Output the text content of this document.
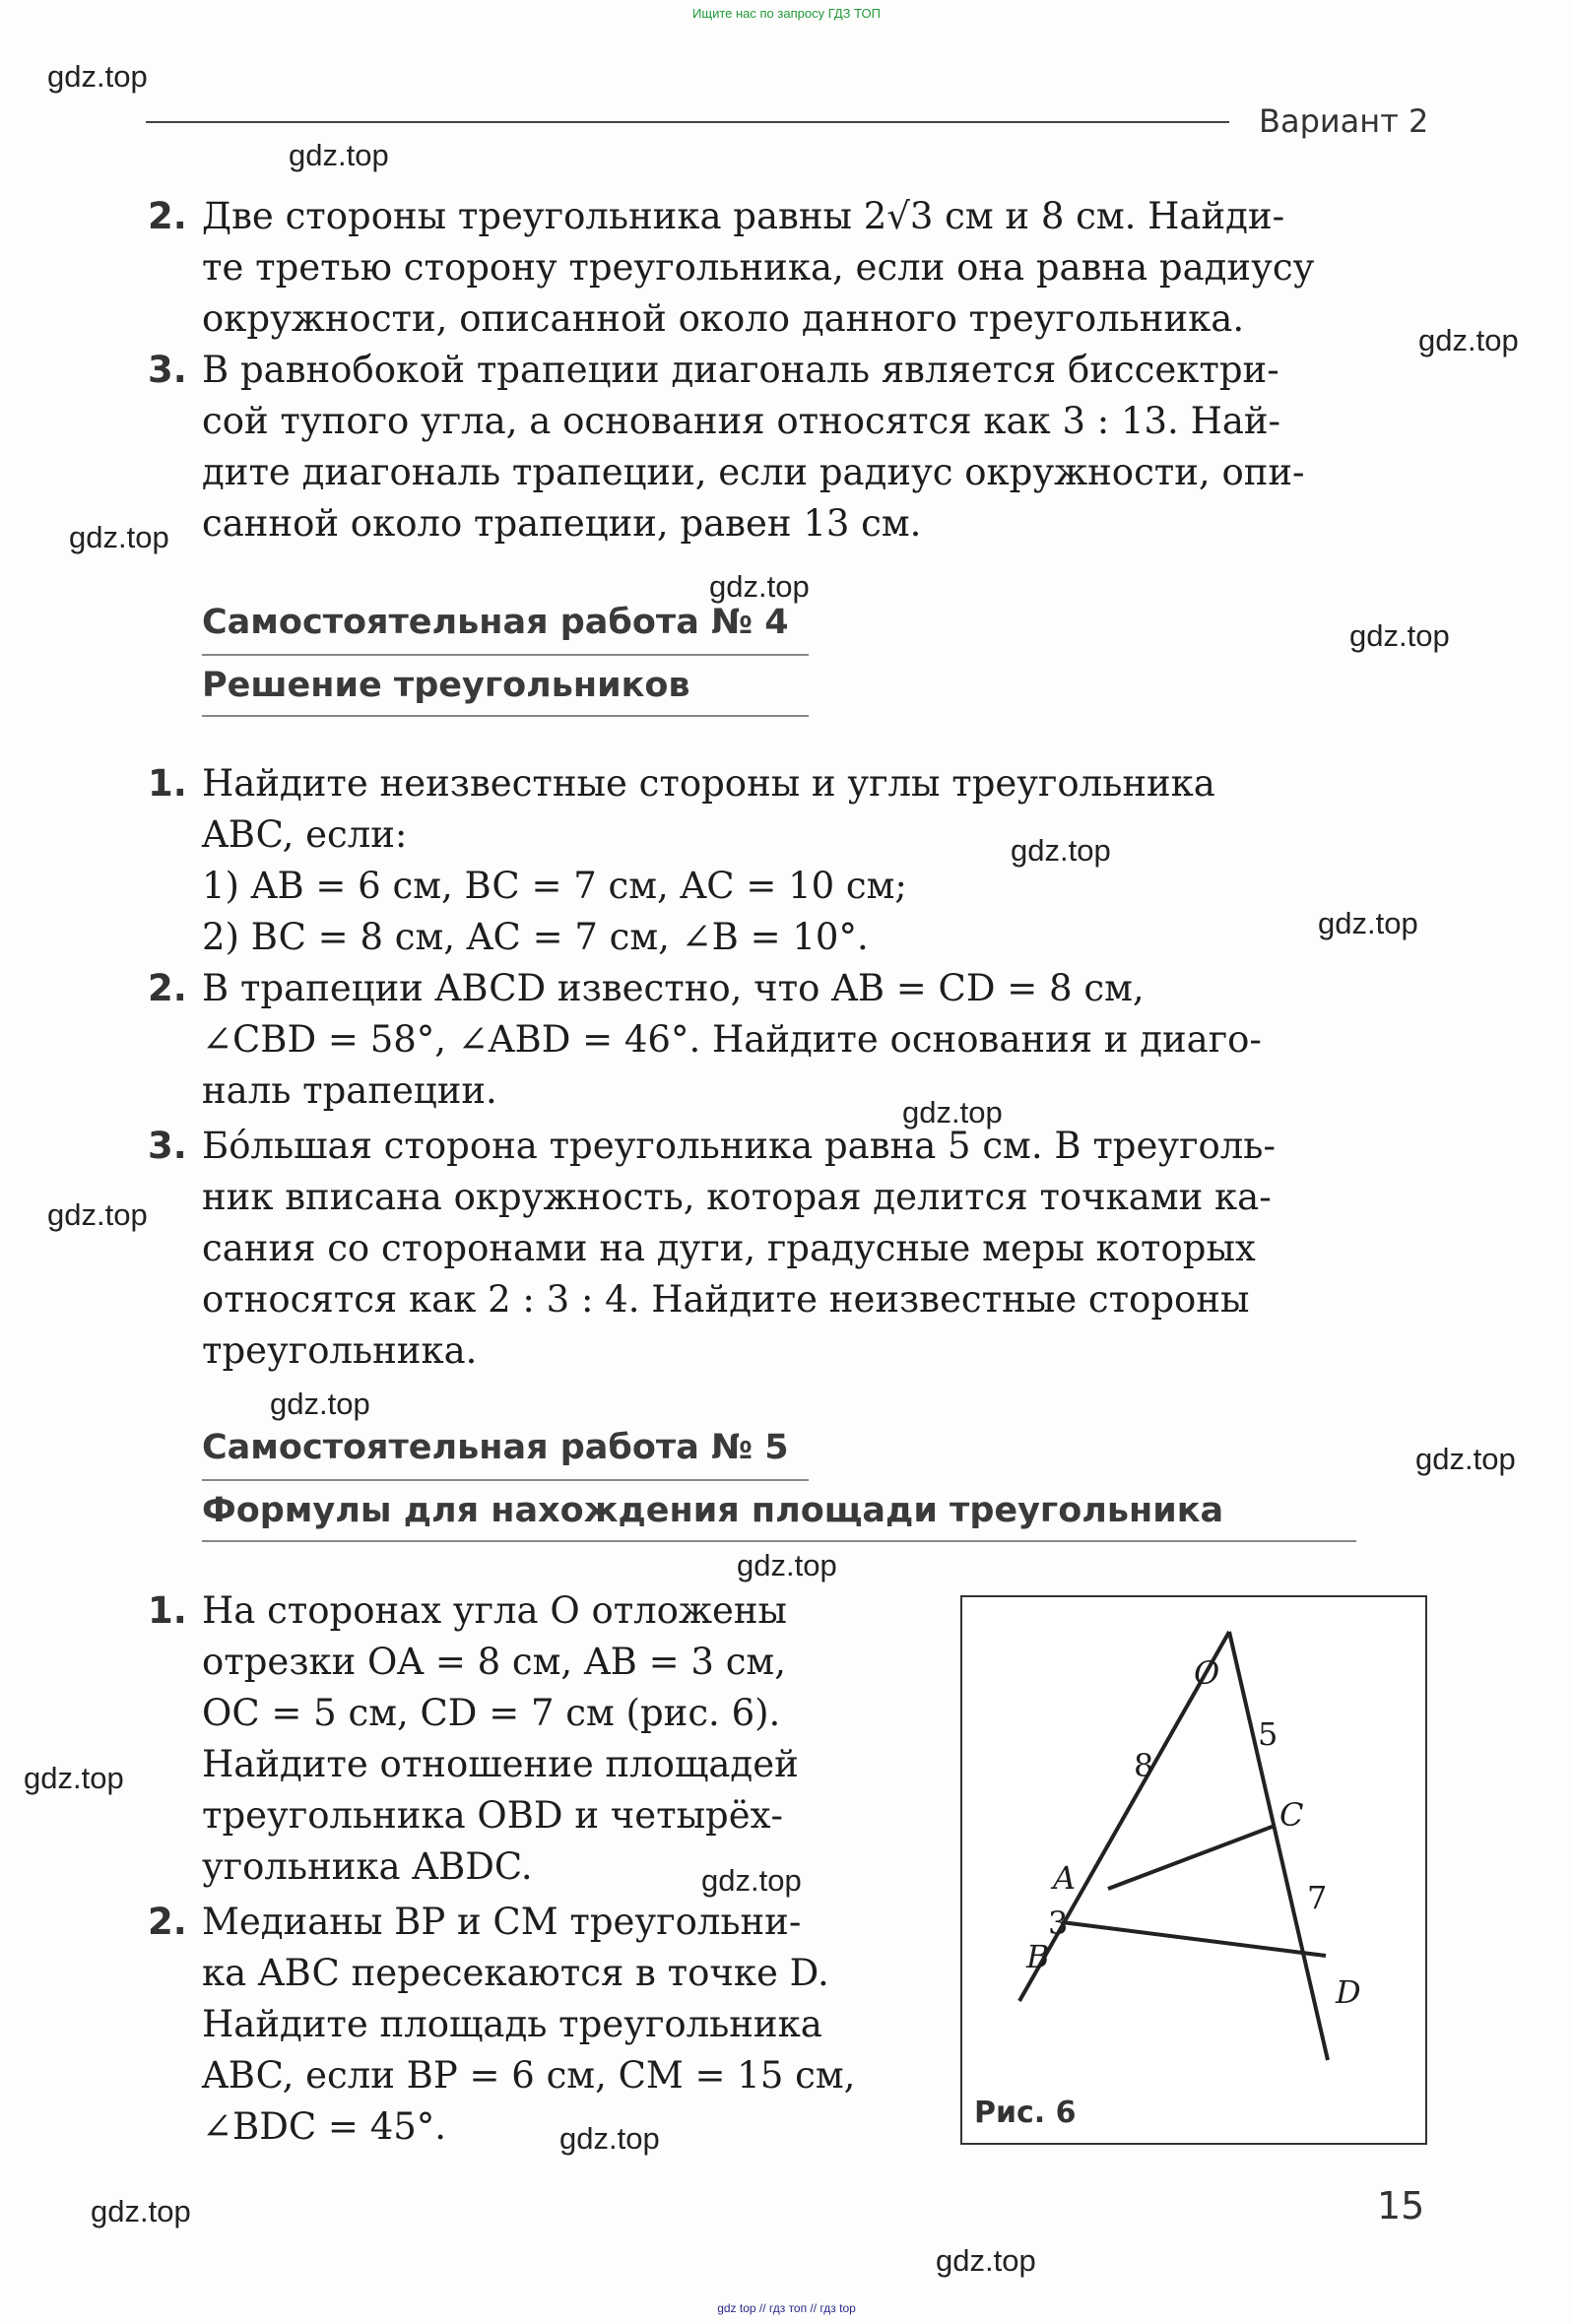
Ищите нас по запросу ГДЗ ТОП
Вариант 2
gdz.top
gdz.top
gdz.top
gdz.top
gdz.top
gdz.top
gdz.top
gdz.top
gdz.top
gdz.top
gdz.top
gdz.top
gdz.top
gdz.top
gdz.top
gdz.top
gdz.top
gdz.top
2. Две стороны треугольника равны 2√3 см и 8 см. Найди-
те третью сторону треугольника, если она равна радиусу
окружности, описанной около данного треугольника.
3. В равнобокой трапеции диагональ является биссектри-
сой тупого угла, а основания относятся как 3 : 13. Най-
дите диагональ трапеции, если радиус окружности, опи-
санной около трапеции, равен 13 см.
Самостоятельная работа № 4
Решение треугольников
1. Найдите неизвестные стороны и углы треугольника
ABC, если:
1) AB = 6 см, BC = 7 см, AC = 10 см;
2) BC = 8 см, AC = 7 см, ∠B = 10°.
2. В трапеции ABCD известно, что AB = CD = 8 см,
∠CBD = 58°, ∠ABD = 46°. Найдите основания и диаго-
наль трапеции.
3. Бóльшая сторона треугольника равна 5 см. В треуголь-
ник вписана окружность, которая делится точками ка-
сания со сторонами на дуги, градусные меры которых
относятся как 2 : 3 : 4. Найдите неизвестные стороны
треугольника.
Самостоятельная работа № 5
Формулы для нахождения площади треугольника
1. На сторонах угла O отложены
отрезки OA = 8 см, AB = 3 см,
OC = 5 см, CD = 7 см (рис. 6).
Найдите отношение площадей
треугольника OBD и четырёх-
угольника ABDC.
2. Медианы BP и CM треугольни-
ка ABC пересекаются в точке D.
Найдите площадь треугольника
ABC, если BP = 6 см, CM = 15 см,
∠BDC = 45°.
O
A
B
C
D
8
5
3
7
Рис. 6
15
gdz top // гдз топ // гдз top
